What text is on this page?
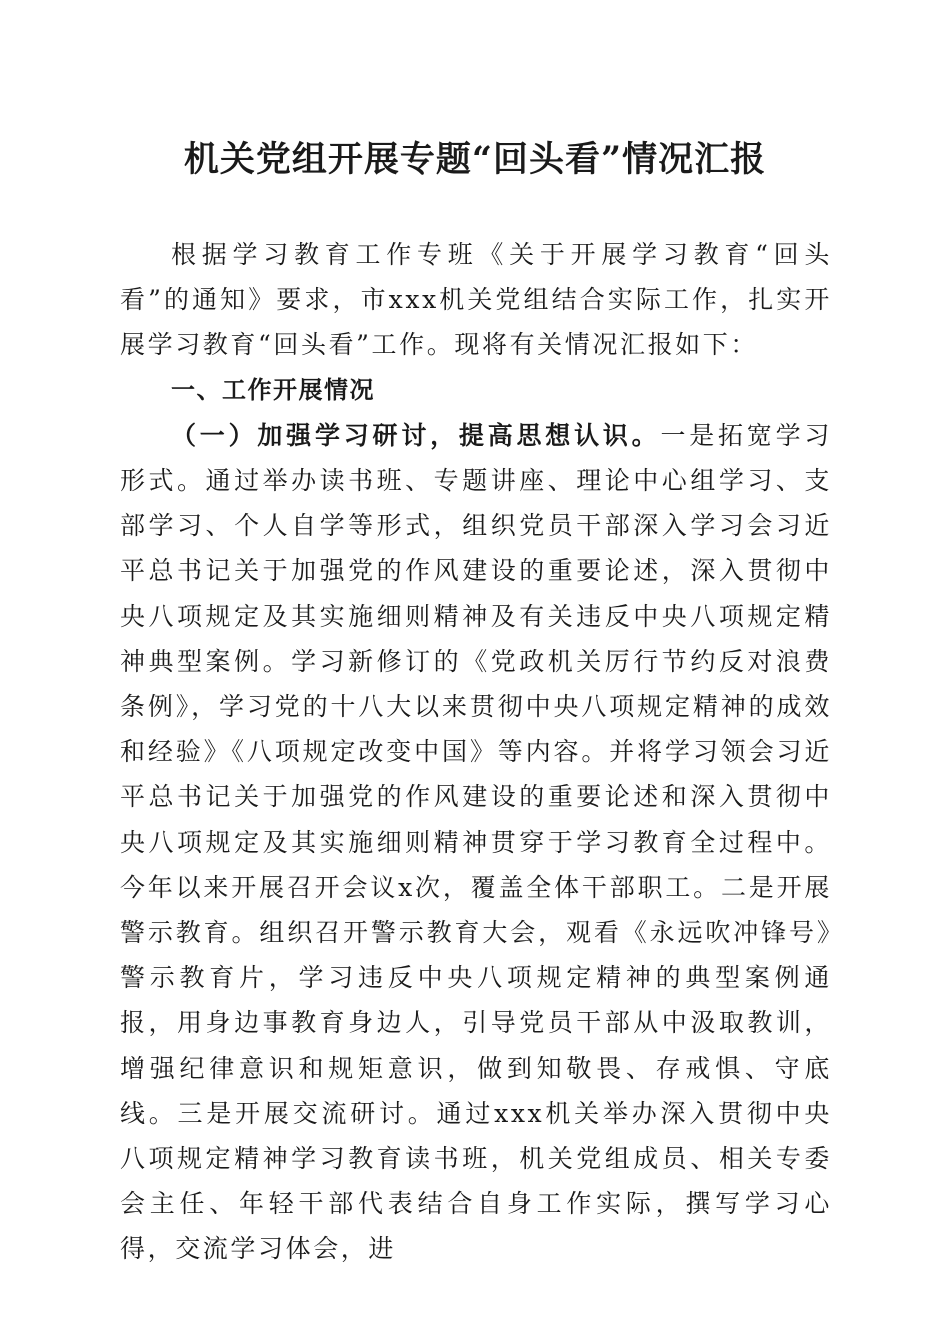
机关党组开展专题“回头看”情况汇报

根据学习教育工作专班《关于开展学习教育“回头看”的通知》要求，市xxx机关党组结合实际工作，扎实开展学习教育“回头看”工作。现将有关情况汇报如下：

一、工作开展情况

（一）加强学习研讨，提高思想认识。一是拓宽学习形式。通过举办读书班、专题讲座、理论中心组学习、支部学习、个人自学等形式，组织党员干部深入学习会习近平总书记关于加强党的作风建设的重要论述，深入贯彻中央八项规定及其实施细则精神及有关违反中央八项规定精神典型案例。学习新修订的《党政机关厉行节约反对浪费条例》，学习党的十八大以来贯彻中央八项规定精神的成效和经验》《八项规定改变中国》等内容。并将学习领会习近平总书记关于加强党的作风建设的重要论述和深入贯彻中央八项规定及其实施细则精神贯穿于学习教育全过程中。今年以来开展召开会议x次，覆盖全体干部职工。二是开展警示教育。组织召开警示教育大会，观看《永远吹冲锋号》警示教育片，学习违反中央八项规定精神的典型案例通报，用身边事教育身边人，引导党员干部从中汲取教训，增强纪律意识和规矩意识，做到知敬畏、存戒惧、守底线。三是开展交流研讨。通过xxx机关举办深入贯彻中央八项规定精神学习教育读书班，机关党组成员、相关专委会主任、年轻干部代表结合自身工作实际，撰写学习心得，交流学习体会，进
